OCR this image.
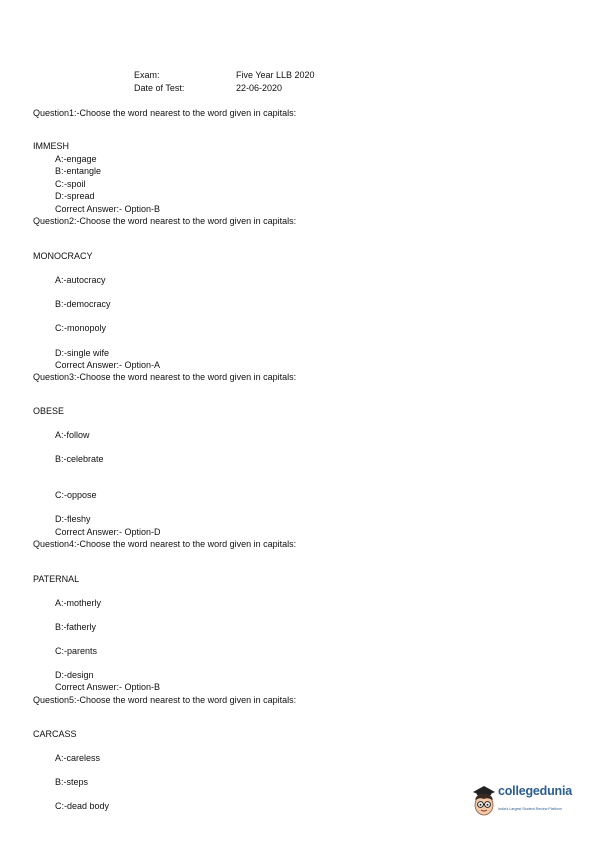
Exam:	Five Year LLB 2020
Date of Test:	22-06-2020
Question1:-Choose the word nearest to the word given in capitals:
IMMESH
A:-engage
B:-entangle
C:-spoil
D:-spread
Correct Answer:- Option-B
Question2:-Choose the word nearest to the word given in capitals:
MONOCRACY
A:-autocracy
B:-democracy
C:-monopoly
D:-single wife
Correct Answer:- Option-A
Question3:-Choose the word nearest to the word given in capitals:
OBESE
A:-follow
B:-celebrate
C:-oppose
D:-fleshy
Correct Answer:- Option-D
Question4:-Choose the word nearest to the word given in capitals:
PATERNAL
A:-motherly
B:-fatherly
C:-parents
D:-design
Correct Answer:- Option-B
Question5:-Choose the word nearest to the word given in capitals:
CARCASS
A:-careless
B:-steps
C:-dead body
collegedunia
India's Largest Student Review Platform
